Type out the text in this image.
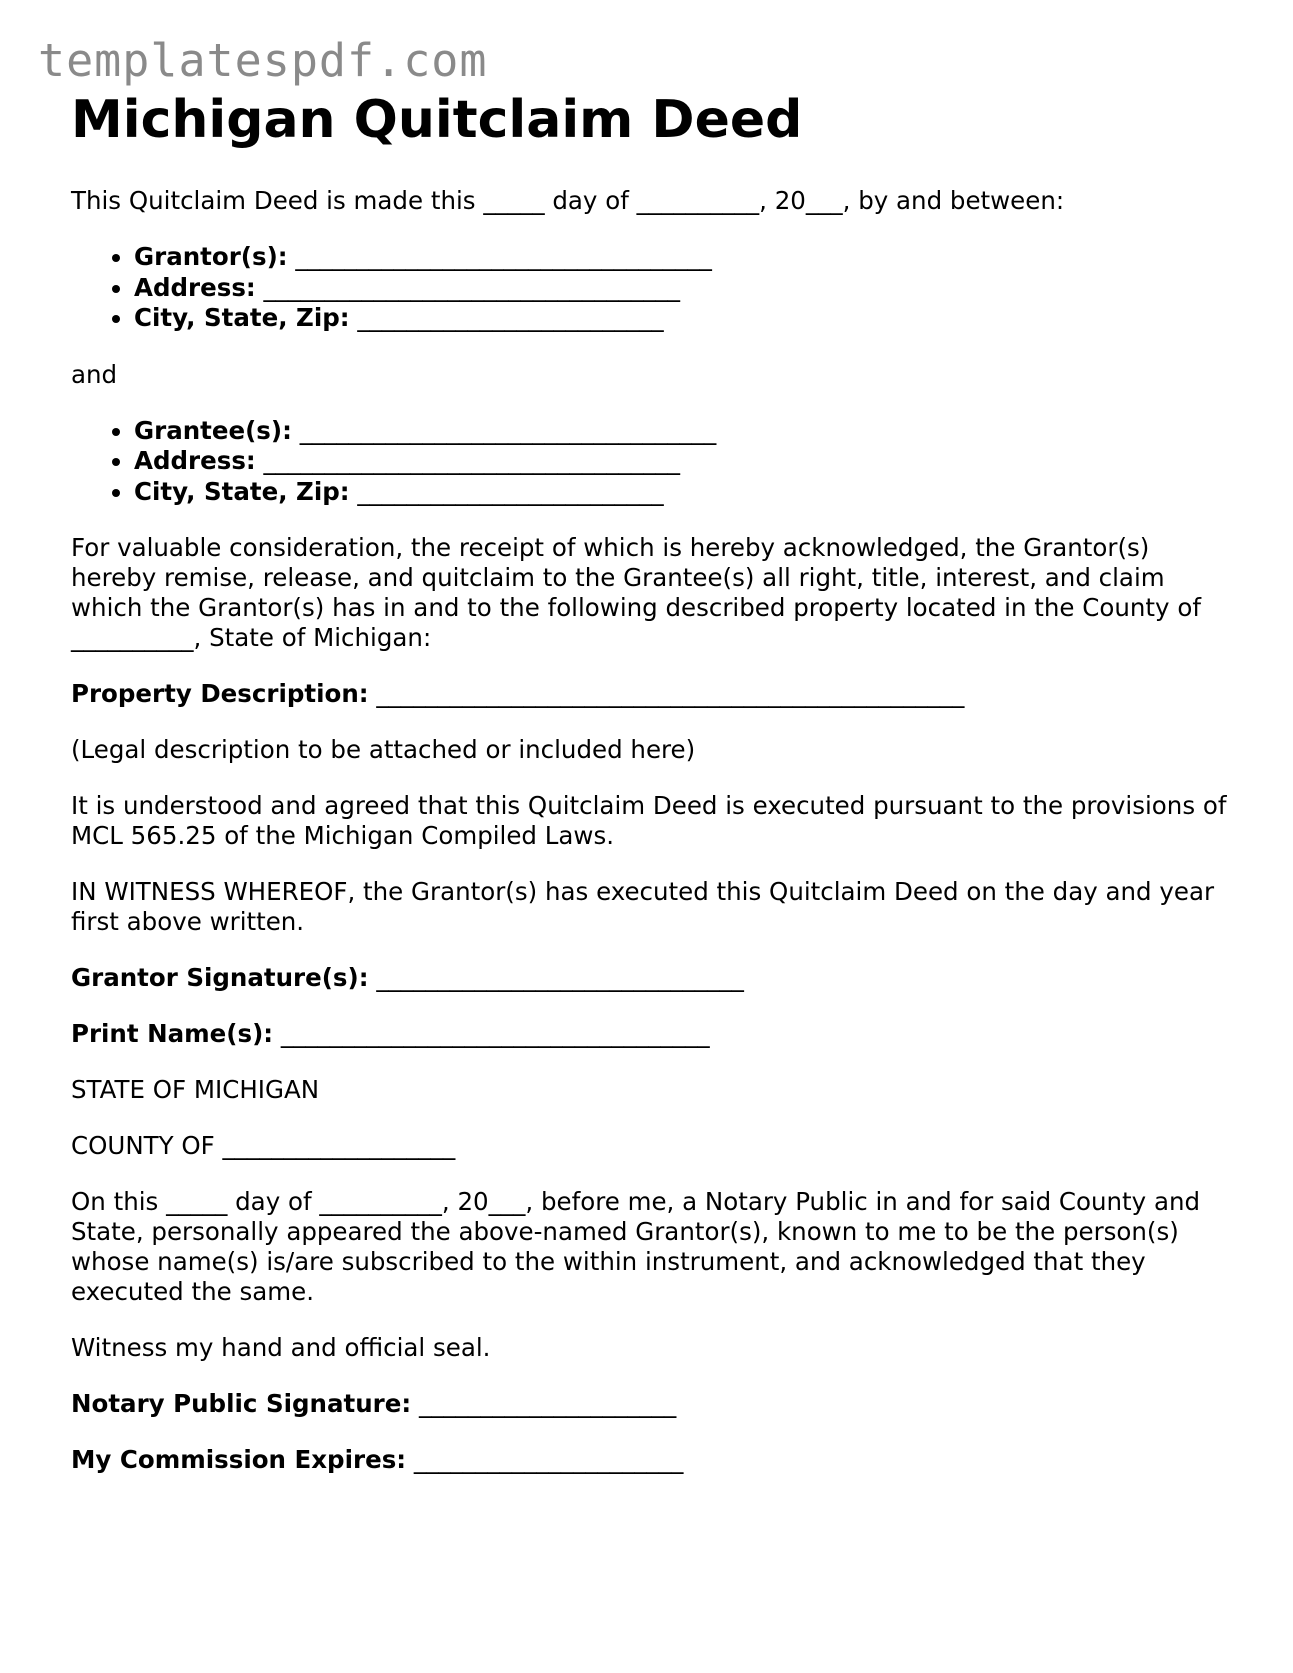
templatespdf.com
Michigan Quitclaim Deed

This Quitclaim Deed is made this _____ day of __________, 20___, by and between:

• Grantor(s): __________________________________
• Address: __________________________________
• City, State, Zip: _________________________

and

• Grantee(s): __________________________________
• Address: __________________________________
• City, State, Zip: _________________________

For valuable consideration, the receipt of which is hereby acknowledged, the Grantor(s) hereby remise, release, and quitclaim to the Grantee(s) all right, title, interest, and claim which the Grantor(s) has in and to the following described property located in the County of __________, State of Michigan:

Property Description: ________________________________________________

(Legal description to be attached or included here)

It is understood and agreed that this Quitclaim Deed is executed pursuant to the provisions of MCL 565.25 of the Michigan Compiled Laws.

IN WITNESS WHEREOF, the Grantor(s) has executed this Quitclaim Deed on the day and year first above written.

Grantor Signature(s): ______________________________

Print Name(s): ___________________________________

STATE OF MICHIGAN

COUNTY OF ___________________

On this _____ day of __________, 20___, before me, a Notary Public in and for said County and State, personally appeared the above-named Grantor(s), known to me to be the person(s) whose name(s) is/are subscribed to the within instrument, and acknowledged that they executed the same.

Witness my hand and official seal.

Notary Public Signature: _____________________

My Commission Expires: ______________________
